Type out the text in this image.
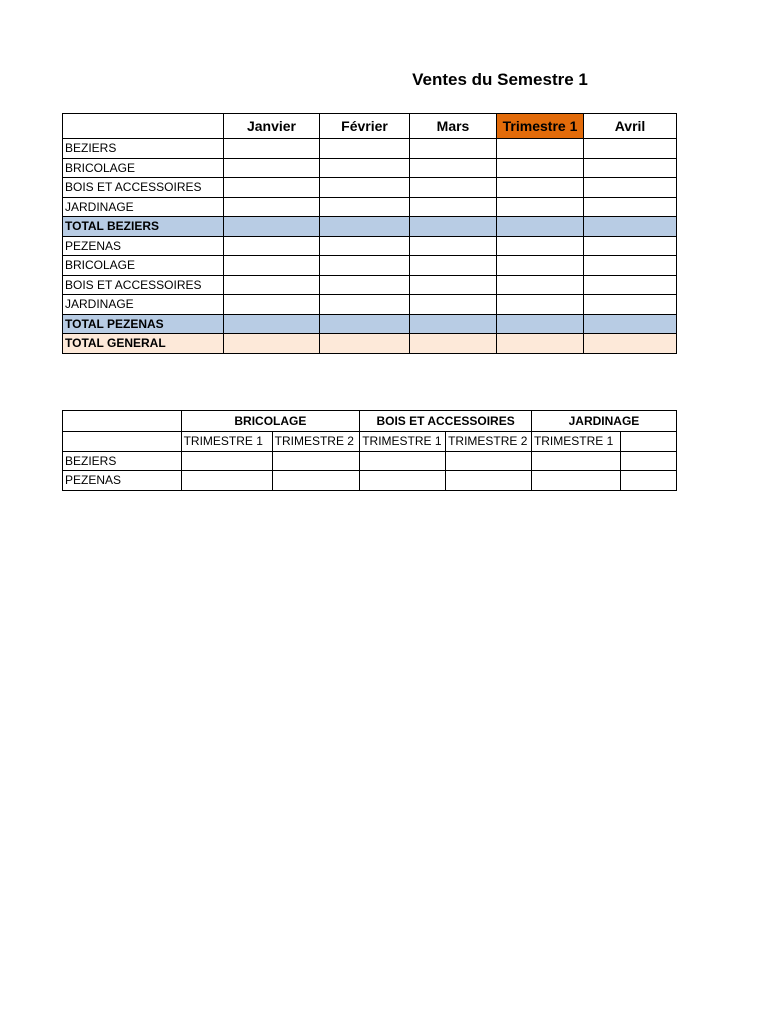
Ventes du Semestre 1
	Janvier	Février	Mars	Trimestre 1	Avril
BEZIERS					
BRICOLAGE					
BOIS ET ACCESSOIRES					
JARDINAGE					
TOTAL BEZIERS					
PEZENAS					
BRICOLAGE					
BOIS ET ACCESSOIRES					
JARDINAGE					
TOTAL PEZENAS					
TOTAL GENERAL					
	BRICOLAGE		BOIS ET ACCESSOIRES		JARDINAGE	
	TRIMESTRE 1	TRIMESTRE 2	TRIMESTRE 1	TRIMESTRE 2	TRIMESTRE 1	
BEZIERS						
PEZENAS						
